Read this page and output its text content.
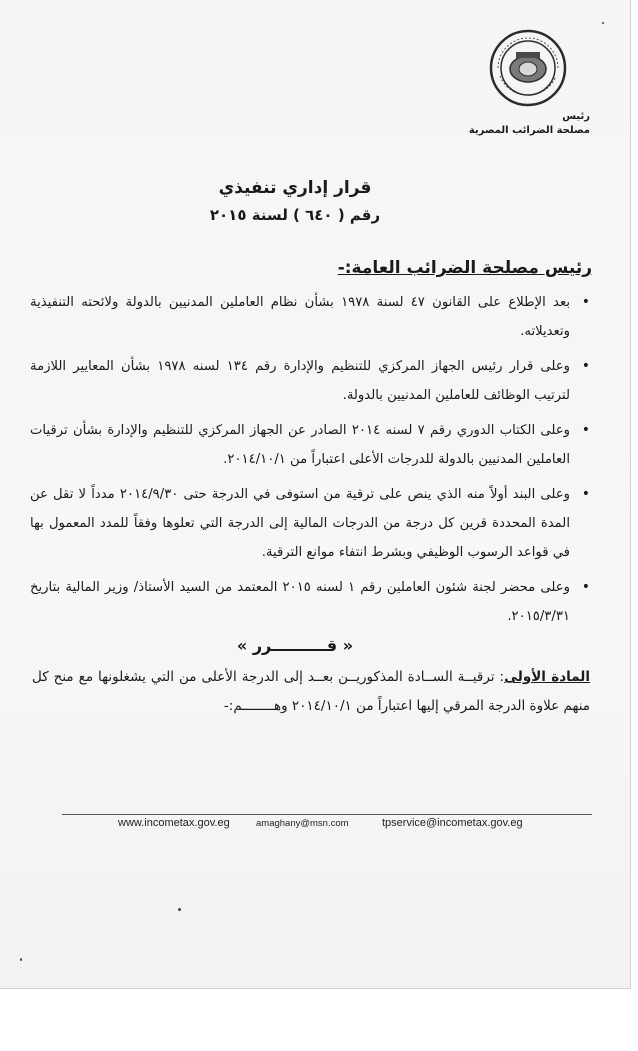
رئيس
مصلحة الضرائب المصرية
قرار إداري تنفيذي
رقم ( ٦٤٠ ) لسنة ٢٠١٥
رئيس مصلحة الضرائب العامة:-
•
بعد الإطلاع على القانون ٤٧ لسنة ١٩٧٨ بشأن نظام العاملين المدنيين بالدولة ولائحته التنفيذية وتعديلاته.
•
وعلى قرار رئيس الجهاز المركزي للتنظيم والإدارة رقم ١٣٤ لسنه ١٩٧٨ بشأن المعايير اللازمة لترتيب الوظائف للعاملين المدنيين بالدولة.
•
وعلى الكتاب الدوري رقم ٧ لسنه ٢٠١٤ الصادر عن الجهاز المركزي للتنظيم والإدارة بشأن ترقيات العاملين المدنيين بالدولة للدرجات الأعلى اعتباراً من ٢٠١٤/١٠/١.
•
وعلى البند أولاً منه الذي ينص على ترقية من استوفى في الدرجة حتى ٢٠١٤/٩/٣٠ مدداً لا تقل عن المدة المحددة قرين كل درجة من الدرجات المالية إلى الدرجة التي تعلوها وفقاً للمدد المعمول بها في قواعد الرسوب الوظيفي وبشرط انتفاء موانع الترقية.
•
وعلى محضر لجنة شئون العاملين رقم ١ لسنه ٢٠١٥ المعتمد من السيد الأستاذ/ وزير المالية بتاريخ ٢٠١٥/٣/٣١.
« قــــــــــرر »
المادة الأولى: ترقيــة الســادة المذكوريــن بعــد إلى الدرجة الأعلى من التي يشغلونها مع منح كل منهم علاوة الدرجة المرقي إليها اعتباراً من ٢٠١٤/١٠/١ وهــــــــم:-
www.incometax.gov.eg	amaghany@msn.com	tpservice@incometax.gov.eg
